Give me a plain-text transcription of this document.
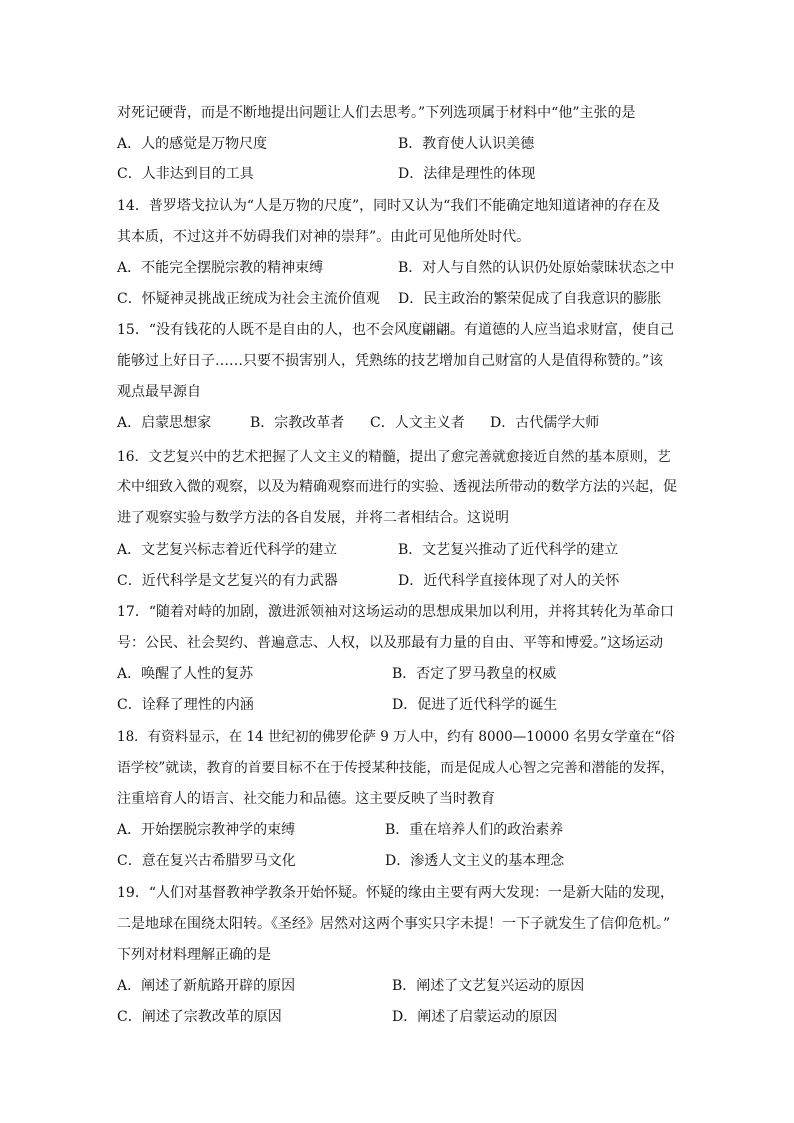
对死记硬背，而是不断地提出问题让人们去思考。”下列选项属于材料中“他”主张的是
A．人的感觉是万物尺度	B．教育使人认识美德
C．人非达到目的工具	D．法律是理性的体现
14．普罗塔戈拉认为“人是万物的尺度”，同时又认为“我们不能确定地知道诸神的存在及
其本质，不过这并不妨碍我们对神的崇拜”。由此可见他所处时代。
A．不能完全摆脱宗教的精神束缚	B．对人与自然的认识仍处原始蒙昧状态之中
C．怀疑神灵挑战正统成为社会主流价值观 D．民主政治的繁荣促成了自我意识的膨胀
15．“没有钱花的人既不是自由的人，也不会风度翩翩。有道德的人应当追求财富，使自己
能够过上好日子……只要不损害别人，凭熟练的技艺增加自己财富的人是值得称赞的。”该
观点最早源自
A．启蒙思想家	B．宗教改革者 C．人文主义者 D．古代儒学大师
16．文艺复兴中的艺术把握了人文主义的精髓，提出了愈完善就愈接近自然的基本原则，艺
术中细致入微的观察，以及为精确观察而进行的实验、透视法所带动的数学方法的兴起，促
进了观察实验与数学方法的各自发展，并将二者相结合。这说明
A．文艺复兴标志着近代科学的建立	B．文艺复兴推动了近代科学的建立
C．近代科学是文艺复兴的有力武器	D．近代科学直接体现了对人的关怀
17．“随着对峙的加剧，激进派领袖对这场运动的思想成果加以利用，并将其转化为革命口
号：公民、社会契约、普遍意志、人权，以及那最有力量的自由、平等和博爱。”这场运动
A．唤醒了人性的复苏	B．否定了罗马教皇的权威
C．诠释了理性的内涵	D．促进了近代科学的诞生
18．有资料显示，在 14 世纪初的佛罗伦萨 9 万人中，约有 8000—10000 名男女学童在“俗
语学校”就读，教育的首要目标不在于传授某种技能，而是促成人心智之完善和潜能的发挥，
注重培育人的语言、社交能力和品德。这主要反映了当时教育
A．开始摆脱宗教神学的束缚	B．重在培养人们的政治素养
C．意在复兴古希腊罗马文化	D．渗透人文主义的基本理念
19．“人们对基督教神学教条开始怀疑。怀疑的缘由主要有两大发现：一是新大陆的发现，
二是地球在围绕太阳转。《圣经》居然对这两个事实只字未提！一下子就发生了信仰危机。”
下列对材料理解正确的是
A．阐述了新航路开辟的原因	B．阐述了文艺复兴运动的原因
C．阐述了宗教改革的原因	D．阐述了启蒙运动的原因
